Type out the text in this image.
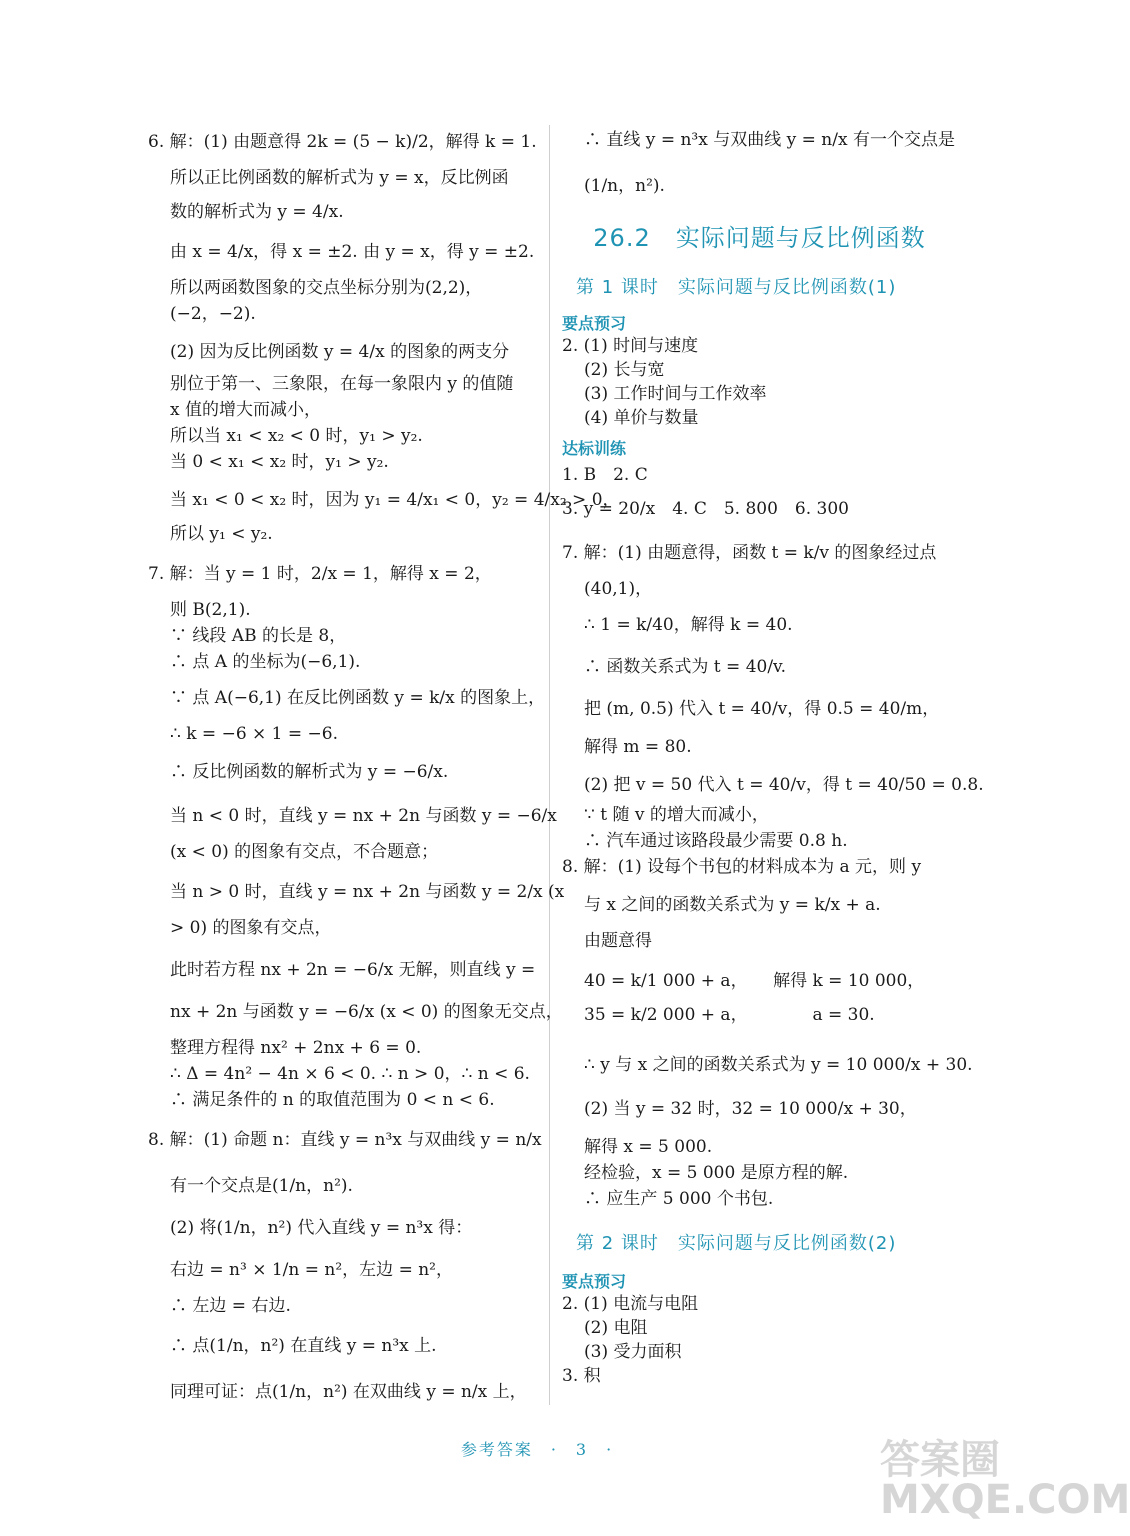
6. 解：(1) 由题意得 2k = (5 − k)/2，解得 k = 1.
所以正比例函数的解析式为 y = x，反比例函
数的解析式为 y = 4/x.
由 x = 4/x，得 x = ±2. 由 y = x，得 y = ±2.
所以两函数图象的交点坐标分别为(2,2)，
(−2，−2).
(2) 因为反比例函数 y = 4/x 的图象的两支分
别位于第一、三象限，在每一象限内 y 的值随
x 值的增大而减小，
所以当 x₁ < x₂ < 0 时，y₁ > y₂.
当 0 < x₁ < x₂ 时，y₁ > y₂.
当 x₁ < 0 < x₂ 时，因为 y₁ = 4/x₁ < 0，y₂ = 4/x₂ > 0，
所以 y₁ < y₂.
7. 解：当 y = 1 时，2/x = 1，解得 x = 2，
则 B(2,1).
∵ 线段 AB 的长是 8，
∴ 点 A 的坐标为(−6,1).
∵ 点 A(−6,1) 在反比例函数 y = k/x 的图象上，
∴ k = −6 × 1 = −6.
∴ 反比例函数的解析式为 y = −6/x.
当 n < 0 时，直线 y = nx + 2n 与函数 y = −6/x
(x < 0) 的图象有交点，不合题意；
当 n > 0 时，直线 y = nx + 2n 与函数 y = 2/x (x
> 0) 的图象有交点，
此时若方程 nx + 2n = −6/x 无解，则直线 y =
nx + 2n 与函数 y = −6/x (x < 0) 的图象无交点，
整理方程得 nx² + 2nx + 6 = 0.
∴ Δ = 4n² − 4n × 6 < 0. ∴ n > 0，∴ n < 6.
∴ 满足条件的 n 的取值范围为 0 < n < 6.
8. 解：(1) 命题 n：直线 y = n³x 与双曲线 y = n/x
有一个交点是(1/n，n²).
(2) 将(1/n，n²) 代入直线 y = n³x 得：
右边 = n³ × 1/n = n²，左边 = n²，
∴ 左边 = 右边.
∴ 点(1/n，n²) 在直线 y = n³x 上.
同理可证：点(1/n，n²) 在双曲线 y = n/x 上，
∴ 直线 y = n³x 与双曲线 y = n/x 有一个交点是
(1/n，n²).
26.2　实际问题与反比例函数
第 1 课时　实际问题与反比例函数(1)
要点预习
2. (1) 时间与速度
(2) 长与宽
(3) 工作时间与工作效率
(4) 单价与数量
达标训练
1. B　2. C
3. y = 20/x　4. C　5. 800　6. 300
7. 解：(1) 由题意得，函数 t = k/v 的图象经过点
(40,1)，
∴ 1 = k/40，解得 k = 40.
∴ 函数关系式为 t = 40/v.
把 (m, 0.5) 代入 t = 40/v，得 0.5 = 40/m，
解得 m = 80.
(2) 把 v = 50 代入 t = 40/v，得 t = 40/50 = 0.8.
∵ t 随 v 的增大而减小，
∴ 汽车通过该路段最少需要 0.8 h.
8. 解：(1) 设每个书包的材料成本为 a 元，则 y
与 x 之间的函数关系式为 y = k/x + a.
由题意得
40 = k/1 000 + a，　　解得 k = 10 000，
35 = k/2 000 + a，　　　　 a = 30.
∴ y 与 x 之间的函数关系式为 y = 10 000/x + 30.
(2) 当 y = 32 时，32 = 10 000/x + 30，
解得 x = 5 000.
经检验，x = 5 000 是原方程的解.
∴ 应生产 5 000 个书包.
第 2 课时　实际问题与反比例函数(2)
要点预习
2. (1) 电流与电阻
(2) 电阻
(3) 受力面积
3. 积
参考答案　·　3　·	答案圈 MXQE.COM
